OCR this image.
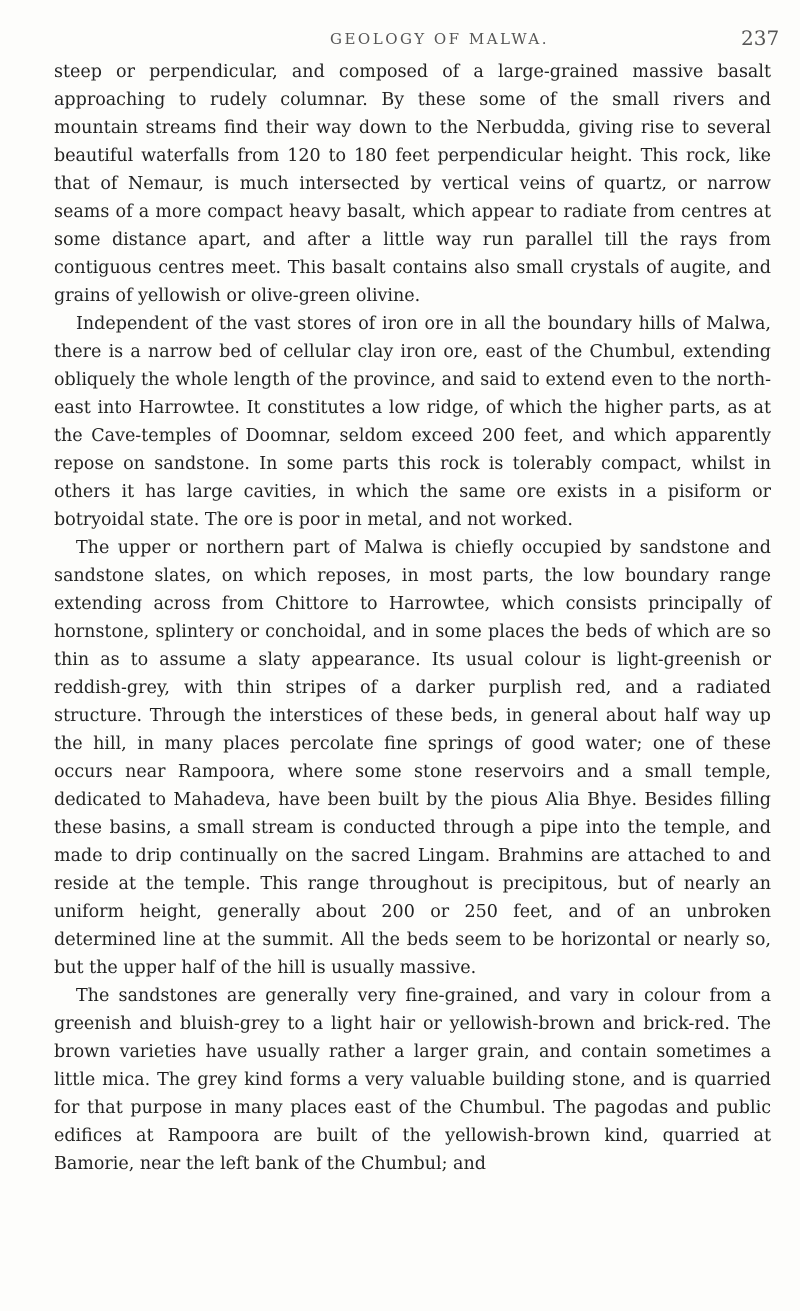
GEOLOGY OF MALWA.	237

steep or perpendicular, and composed of a large-grained massive basalt approaching to rudely columnar. By these some of the small rivers and mountain streams find their way down to the Nerbudda, giving rise to several beautiful waterfalls from 120 to 180 feet perpendicular height. This rock, like that of Nemaur, is much intersected by vertical veins of quartz, or narrow seams of a more compact heavy basalt, which appear to radiate from centres at some distance apart, and after a little way run parallel till the rays from contiguous centres meet. This basalt contains also small crystals of augite, and grains of yellowish or olive-green olivine.

Independent of the vast stores of iron ore in all the boundary hills of Malwa, there is a narrow bed of cellular clay iron ore, east of the Chumbul, extending obliquely the whole length of the province, and said to extend even to the north-east into Harrowtee. It constitutes a low ridge, of which the higher parts, as at the Cave-temples of Doomnar, seldom exceed 200 feet, and which apparently repose on sandstone. In some parts this rock is tolerably compact, whilst in others it has large cavities, in which the same ore exists in a pisiform or botryoidal state. The ore is poor in metal, and not worked.

The upper or northern part of Malwa is chiefly occupied by sandstone and sandstone slates, on which reposes, in most parts, the low boundary range extending across from Chittore to Harrowtee, which consists principally of hornstone, splintery or conchoidal, and in some places the beds of which are so thin as to assume a slaty appearance. Its usual colour is light-greenish or reddish-grey, with thin stripes of a darker purplish red, and a radiated structure. Through the interstices of these beds, in general about half way up the hill, in many places percolate fine springs of good water; one of these occurs near Rampoora, where some stone reservoirs and a small temple, dedicated to Mahadeva, have been built by the pious Alia Bhye. Besides filling these basins, a small stream is conducted through a pipe into the temple, and made to drip continually on the sacred Lingam. Brahmins are attached to and reside at the temple. This range throughout is precipitous, but of nearly an uniform height, generally about 200 or 250 feet, and of an unbroken determined line at the summit. All the beds seem to be horizontal or nearly so, but the upper half of the hill is usually massive.

The sandstones are generally very fine-grained, and vary in colour from a greenish and bluish-grey to a light hair or yellowish-brown and brick-red. The brown varieties have usually rather a larger grain, and contain sometimes a little mica. The grey kind forms a very valuable building stone, and is quarried for that purpose in many places east of the Chumbul. The pagodas and public edifices at Rampoora are built of the yellowish-brown kind, quarried at Bamorie, near the left bank of the Chumbul; and
